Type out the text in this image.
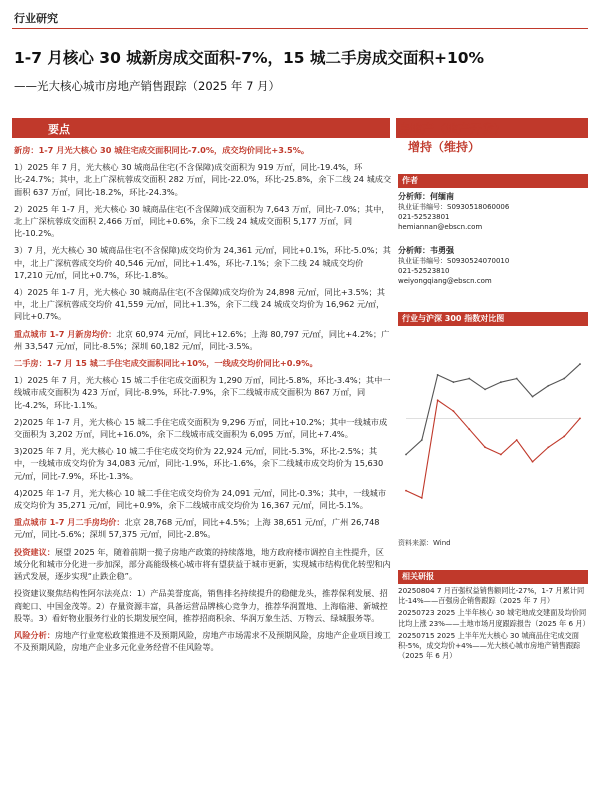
行业研究
1-7 月核心 30 城新房成交面积-7%，15 城二手房成交面积+10%
——光大核心城市房地产销售跟踪（2025 年 7 月）
要点

新房：1-7 月光大核心 30 城住宅成交面积同比-7.0%，成交均价同比+3.5%。

1）2025 年 7 月，光大核心 30 城商品住宅(不含保障)成交面积为 919 万㎡，同比-19.4%，环比-24.7%；其中，北上广深杭蓉成交面积 282 万㎡，同比-22.0%，环比-25.8%，余下二线 24 城成交面积 637 万㎡，同比-18.2%，环比-24.3%。

2）2025 年 1-7 月，光大核心 30 城商品住宅(不含保障)成交面积为 7,643 万㎡，同比-7.0%；其中，北上广深杭蓉成交面积 2,466 万㎡，同比+0.6%，余下二线 24 城成交面积 5,177 万㎡，同比-10.2%。

3）7 月，光大核心 30 城商品住宅(不含保障)成交均价为 24,361 元/㎡，同比+0.1%，环比-5.0%；其中，北上广深杭蓉成交均价 40,546 元/㎡，同比+1.4%，环比-7.1%；余下二线 24 城成交均价 17,210 元/㎡，同比+0.7%，环比-1.8%。

4）2025 年 1-7 月，光大核心 30 城商品住宅(不含保障)成交均价为 24,898 元/㎡，同比+3.5%；其中，北上广深杭蓉成交均价 41,559 元/㎡，同比+1.3%，余下二线 24 城成交均价为 16,962 元/㎡，同比+0.7%。

重点城市 1-7 月新房均价：北京 60,974 元/㎡，同比+12.6%；上海 80,797 元/㎡，同比+4.2%；广州 33,547 元/㎡，同比-8.5%；深圳 60,182 元/㎡，同比-3.5%。

二手房：1-7 月 15 城二手住宅成交面积同比+10%，一线成交均价同比+0.9%。

1）2025 年 7 月，光大核心 15 城二手住宅成交面积为 1,290 万㎡，同比-5.8%，环比-3.4%；其中一线城市成交面积为 423 万㎡，同比-8.9%，环比-7.9%，余下二线城市成交面积为 867 万㎡，同比-4.2%，环比-1.1%。

2)2025 年 1-7 月，光大核心 15 城二手住宅成交面积为 9,296 万㎡，同比+10.2%；其中一线城市成交面积为 3,202 万㎡，同比+16.0%，余下二线城市成交面积为 6,095 万㎡，同比+7.4%。

3)2025 年 7 月，光大核心 10 城二手住宅成交均价为 22,924 元/㎡，同比-5.3%，环比-2.5%；其中，一线城市成交均价为 34,083 元/㎡，同比-1.9%，环比-1.6%，余下二线城市成交均价为 15,630 元/㎡，同比-7.9%，环比-1.3%。

4)2025 年 1-7 月，光大核心 10 城二手住宅成交均价为 24,091 元/㎡，同比-0.3%；其中，一线城市成交均价为 35,271 元/㎡，同比+0.9%，余下二线城市成交均价为 16,367 元/㎡，同比-5.1%。

重点城市 1-7 月二手房均价：北京 28,768 元/㎡，同比+4.5%；上海 38,651 元/㎡，广州 26,748 元/㎡，同比-5.6%；深圳 57,375 元/㎡，同比-2.8%。

投资建议：展望 2025 年，随着前期一揽子房地产政策的持续落地，地方政府楼市调控自主性提升，区域分化和城市分化进一步加深，部分高能级核心城市将有望获益于城市更新，实现城市结构优化转型和内涵式发展，逐步实现“止跌企稳”。

投资建议聚焦结构性阿尔法亮点：1）产品美誉度高，销售排名持续提升的稳健龙头，推荐保利发展、招商蛇口、中国金茂等。2）存量资源丰富，具备运营品牌核心竞争力，推荐华润置地、上海临港、新城控股等。3）看好物业服务行业的长期发展空间，推荐招商积余、华润万象生活、万物云、绿城服务等。

风险分析：房地产行业宽松政策推进不及预期风险，房地产市场需求不及预期风险，房地产企业项目竣工不及预期风险，房地产企业多元化业务经营不佳风险等。

房地产（地产开发）
增持（维持）
作者
分析师：何缅南
执业证书编号：S0930518060006
021-52523801
hemiannan@ebscn.com
分析师：韦勇强
执业证书编号：S0930524070010
021-52523810
weiyongqiang@ebscn.com
行业与沪深 300 指数对比图
资料来源：Wind
相关研报

20250804 7 月百强权益销售额同比-27%，1-7 月累计同比-14%——百强房企销售跟踪（2025 年 7 月）

20250723 2025 上半年核心 30 城宅地成交建面及均价同比均上涨 23%——土地市场月度跟踪报告（2025 年 6 月）

20250715 2025 上半年光大核心 30 城商品住宅成交面积-5%，成交均价+4%——光大核心城市房地产销售跟踪（2025 年 6 月）
